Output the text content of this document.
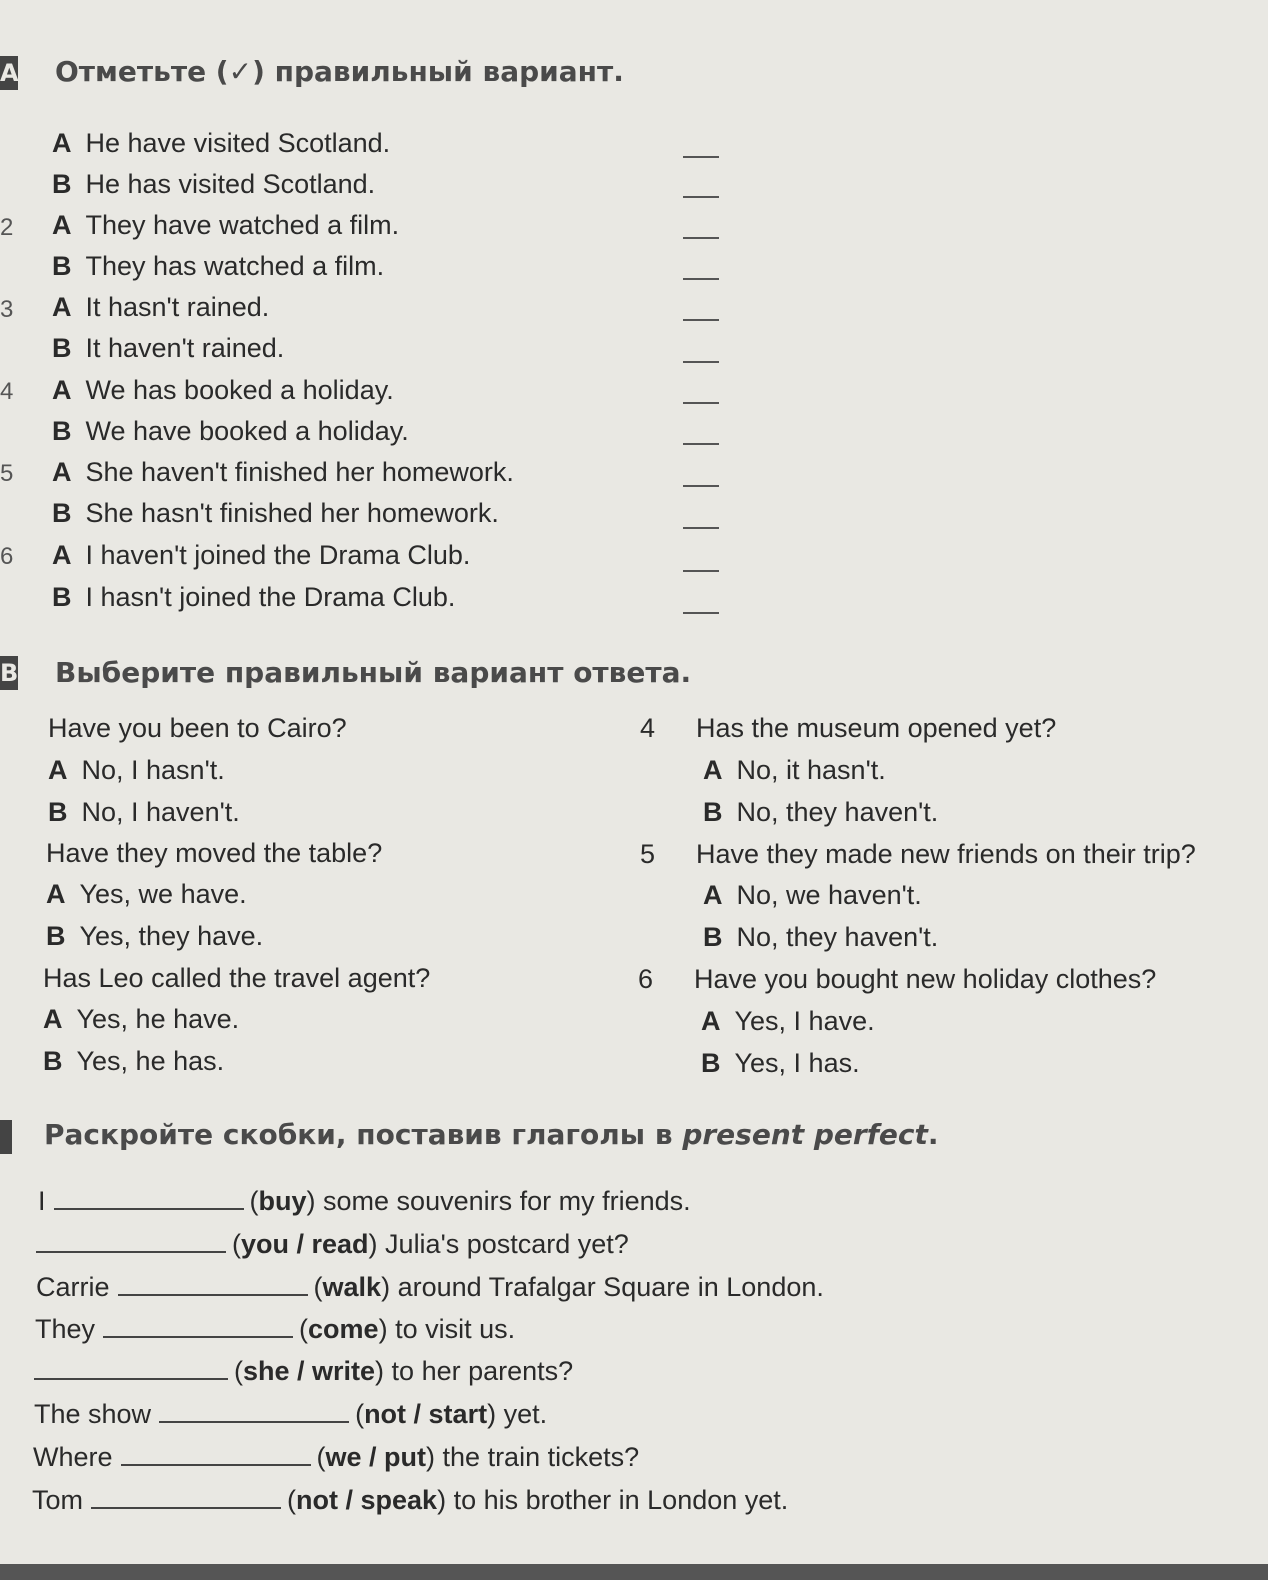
A Отметьте (✓) правильный вариант.
2
3
4
5
6
A He have visited Scotland.
B He has visited Scotland.
A They have watched a film.
B They has watched a film.
A It hasn't rained.
B It haven't rained.
A We has booked a holiday.
B We have booked a holiday.
A She haven't finished her homework.
B She hasn't finished her homework.
A I haven't joined the Drama Club.
B I hasn't joined the Drama Club.
B Выберите правильный вариант ответа.
Have you been to Cairo?
A No, I hasn't.
B No, I haven't.
Have they moved the table?
A Yes, we have.
B Yes, they have.
Has Leo called the travel agent?
A Yes, he have.
B Yes, he has.
4 Has the museum opened yet?
A No, it hasn't.
B No, they haven't.
5 Have they made new friends on their trip?
A No, we haven't.
B No, they haven't.
6 Have you bought new holiday clothes?
A Yes, I have.
B Yes, I has.
Раскройте скобки, поставив глаголы в present perfect.
I	(buy) some souvenirs for my friends.
(you / read) Julia's postcard yet?
Carrie	(walk) around Trafalgar Square in London.
They	(come) to visit us.
(she / write) to her parents?
The show	(not / start) yet.
Where	(we / put) the train tickets?
Tom	(not / speak) to his brother in London yet.
